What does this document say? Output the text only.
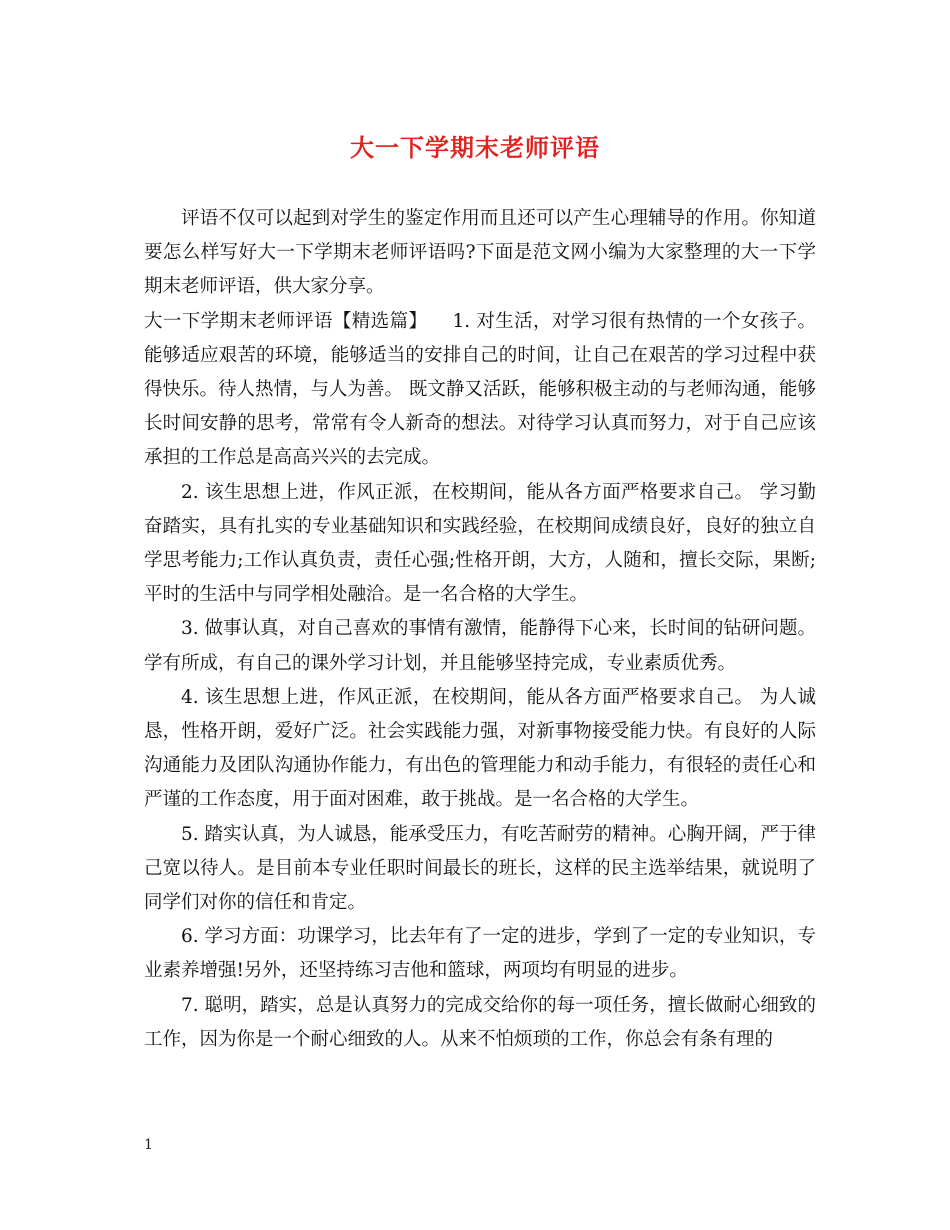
大一下学期末老师评语

评语不仅可以起到对学生的鉴定作用而且还可以产生心理辅导的作用。你知道要怎么样写好大一下学期末老师评语吗?下面是范文网小编为大家整理的大一下学期末老师评语，供大家分享。

大一下学期末老师评语【精选篇】    1. 对生活，对学习很有热情的一个女孩子。能够适应艰苦的环境，能够适当的安排自己的时间，让自己在艰苦的学习过程中获得快乐。待人热情，与人为善。 既文静又活跃，能够积极主动的与老师沟通，能够长时间安静的思考，常常有令人新奇的想法。对待学习认真而努力，对于自己应该承担的工作总是高高兴兴的去完成。

2. 该生思想上进，作风正派，在校期间，能从各方面严格要求自己。 学习勤奋踏实，具有扎实的专业基础知识和实践经验，在校期间成绩良好，良好的独立自学思考能力;工作认真负责，责任心强;性格开朗，大方，人随和，擅长交际，果断;平时的生活中与同学相处融洽。是一名合格的大学生。

3. 做事认真，对自己喜欢的事情有激情，能静得下心来，长时间的钻研问题。学有所成，有自己的课外学习计划，并且能够坚持完成，专业素质优秀。

4. 该生思想上进，作风正派，在校期间，能从各方面严格要求自己。 为人诚恳，性格开朗，爱好广泛。社会实践能力强，对新事物接受能力快。有良好的人际沟通能力及团队沟通协作能力，有出色的管理能力和动手能力，有很轻的责任心和严谨的工作态度，用于面对困难，敢于挑战。是一名合格的大学生。

5. 踏实认真，为人诚恳，能承受压力，有吃苦耐劳的精神。心胸开阔，严于律己宽以待人。是目前本专业任职时间最长的班长，这样的民主选举结果，就说明了同学们对你的信任和肯定。

6. 学习方面：功课学习，比去年有了一定的进步，学到了一定的专业知识，专业素养增强!另外，还坚持练习吉他和篮球，两项均有明显的进步。

7. 聪明，踏实，总是认真努力的完成交给你的每一项任务，擅长做耐心细致的工作，因为你是一个耐心细致的人。从来不怕烦琐的工作，你总会有条有理的

1
